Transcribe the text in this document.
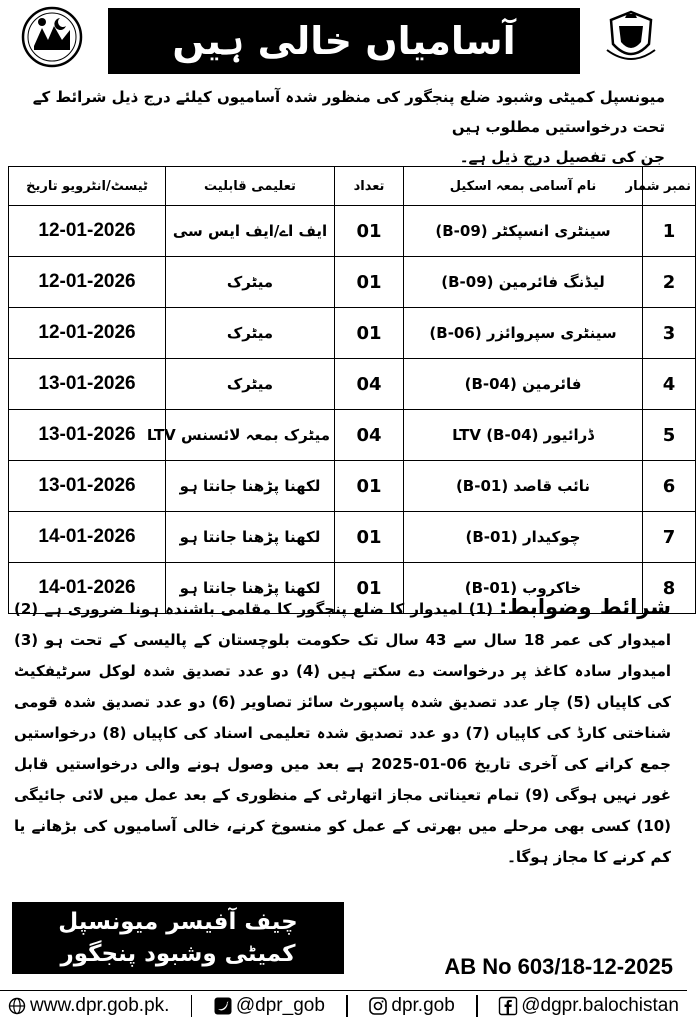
آسامیاں خالی ہیں
میونسپل کمیٹی وشبود ضلع پنجگور کی منظور شدہ آسامیوں کیلئے درج ذیل شرائط کے تحت درخواستیں مطلوب ہیں
جن کی تفصیل درج ذیل ہے۔
نمبر شمار	نام آسامی بمعہ اسکیل	تعداد	تعلیمی قابلیت	ٹیسٹ/انٹرویو تاریخ
1	سینٹری انسپکٹر (B-09)	01	ایف اے/ایف ایس سی	12-01-2026
2	لیڈنگ فائرمین (B-09)	01	میٹرک	12-01-2026
3	سینٹری سپروائزر (B-06)	01	میٹرک	12-01-2026
4	فائرمین (B-04)	04	میٹرک	13-01-2026
5	ڈرائیور LTV (B-04)	04	میٹرک بمعہ لائسنس LTV	13-01-2026
6	نائب قاصد (B-01)	01	لکھنا پڑھنا جانتا ہو	13-01-2026
7	چوکیدار (B-01)	01	لکھنا پڑھنا جانتا ہو	14-01-2026
8	خاکروب (B-01)	01	لکھنا پڑھنا جانتا ہو	14-01-2026
شرائط وضوابط: (1) امیدوار کا ضلع پنجگور کا مقامی باشندہ ہونا ضروری ہے (2) امیدوار کی عمر 18 سال سے 43 سال تک حکومت بلوچستان کے پالیسی کے تحت ہو (3) امیدوار سادہ کاغذ پر درخواست دے سکتے ہیں (4) دو عدد تصدیق شدہ لوکل سرٹیفکیٹ کی کاپیاں (5) چار عدد تصدیق شدہ پاسپورٹ سائز تصاویر (6) دو عدد تصدیق شدہ قومی شناختی کارڈ کی کاپیاں (7) دو عدد تصدیق شدہ تعلیمی اسناد کی کاپیاں (8) درخواستیں جمع کرانے کی آخری تاریخ 06-01-2025 ہے بعد میں وصول ہونے والی درخواستیں قابل غور نہیں ہوگی (9) تمام تعیناتی مجاز اتھارٹی کے منظوری کے بعد عمل میں لائی جائیگی (10) کسی بھی مرحلے میں بھرتی کے عمل کو منسوخ کرنے، خالی آسامیوں کی بڑھانے یا کم کرنے کا مجاز ہوگا۔
چیف آفیسر میونسپل
کمیٹی وشبود پنجگور	AB No 603/18-12-2025
www.dpr.gob.pk.	@dpr_gob	dpr.gob	@dgpr.balochistan
